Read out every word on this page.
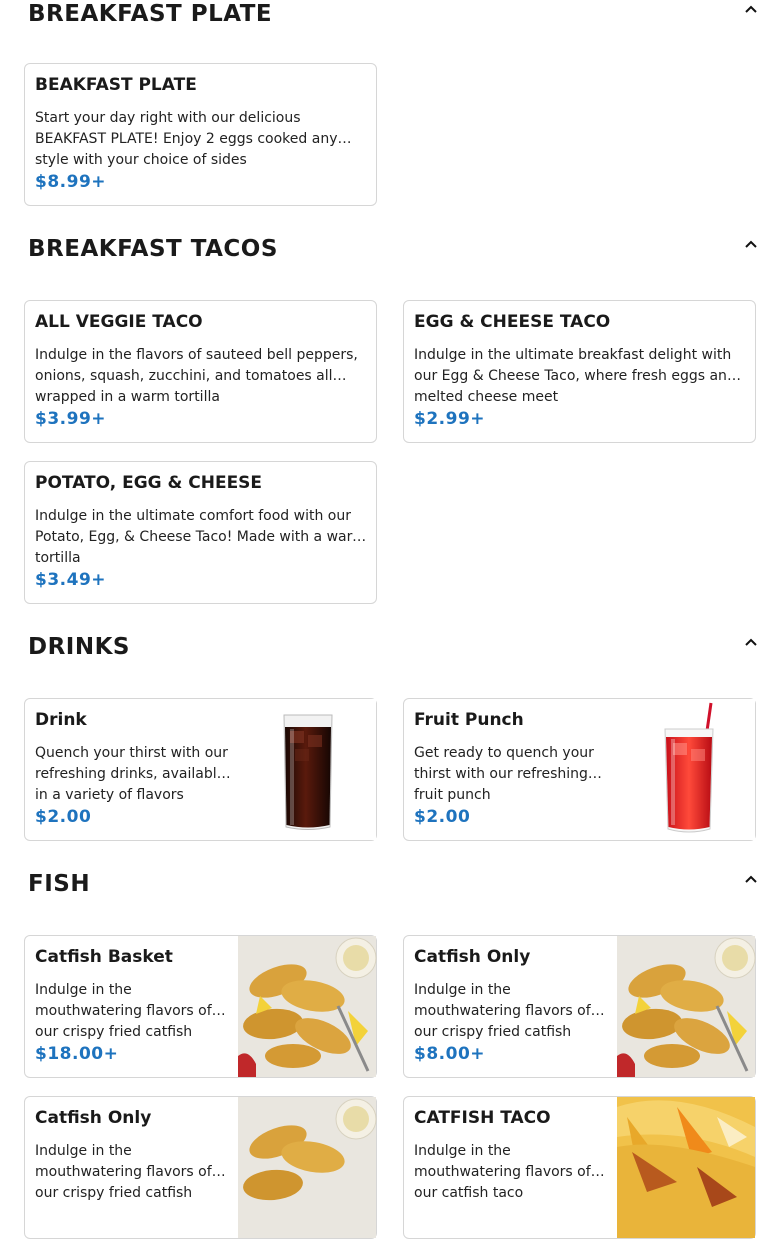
BREAKFAST PLATE
BEAKFAST PLATE
Start your day right with our delicious BEAKFAST PLATE! Enjoy 2 eggs cooked any style with your choice of sides
$8.99+
BREAKFAST TACOS
ALL VEGGIE TACO
Indulge in the flavors of sauteed bell peppers, onions, squash, zucchini, and tomatoes all wrapped in a warm tortilla
$3.99+
EGG & CHEESE TACO
Indulge in the ultimate breakfast delight with our Egg & Cheese Taco, where fresh eggs and melted cheese meet
$2.99+
POTATO, EGG & CHEESE
Indulge in the ultimate comfort food with our Potato, Egg, & Cheese Taco! Made with a warm tortilla
$3.49+
DRINKS
Drink
Quench your thirst with our refreshing drinks, available in a variety of flavors
$2.00
Fruit Punch
Get ready to quench your thirst with our refreshing fruit punch
$2.00
FISH
Catfish Basket
Indulge in the mouthwatering flavors of our crispy fried catfish
$18.00+
Catfish Only
Indulge in the mouthwatering flavors of our crispy fried catfish
$8.00+
Catfish Only
Indulge in the mouthwatering flavors of our crispy fried catfish
CATFISH TACO
Indulge in the mouthwatering flavors of our catfish taco
